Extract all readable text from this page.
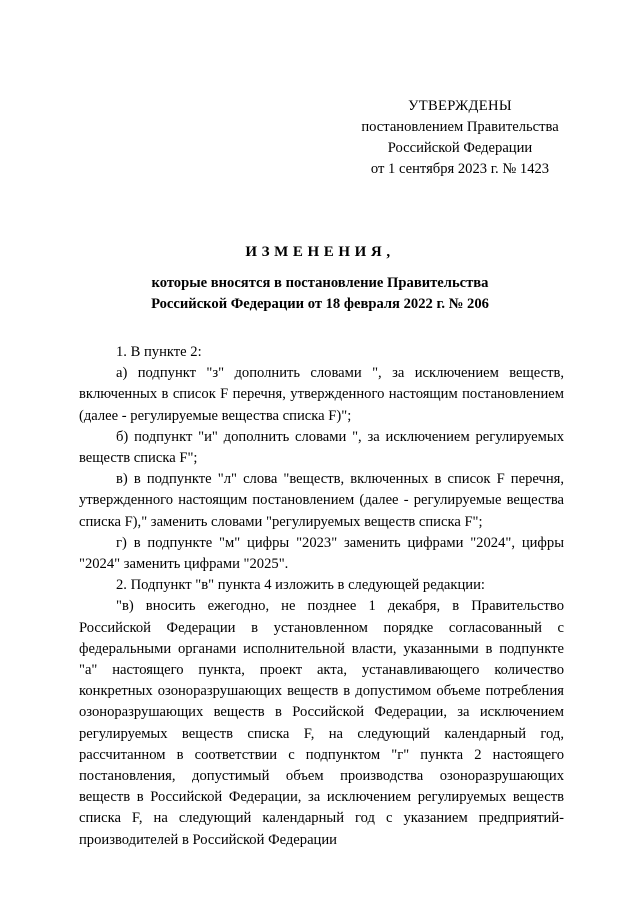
УТВЕРЖДЕНЫ
постановлением Правительства
Российской Федерации
от 1 сентября 2023 г. № 1423
ИЗМЕНЕНИЯ,
которые вносятся в постановление Правительства
Российской Федерации от 18 февраля 2022 г. № 206

1. В пункте 2:

а) подпункт "з" дополнить словами ", за исключением веществ, включенных в список F перечня, утвержденного настоящим постановлением (далее - регулируемые вещества списка F)";

б) подпункт "и" дополнить словами ", за исключением регулируемых веществ списка F";

в) в подпункте "л" слова "веществ, включенных в список F перечня, утвержденного настоящим постановлением (далее - регулируемые вещества списка F)," заменить словами "регулируемых веществ списка F";

г) в подпункте "м" цифры "2023" заменить цифрами "2024", цифры "2024" заменить цифрами "2025".

2. Подпункт "в" пункта 4 изложить в следующей редакции:

"в) вносить ежегодно, не позднее 1 декабря, в Правительство Российской Федерации в установленном порядке согласованный с федеральными органами исполнительной власти, указанными в подпункте "а" настоящего пункта, проект акта, устанавливающего количество конкретных озоноразрушающих веществ в допустимом объеме потребления озоноразрушающих веществ в Российской Федерации, за исключением регулируемых веществ списка F, на следующий календарный год, рассчитанном в соответствии с подпунктом "г" пункта 2 настоящего постановления, допустимый объем производства озоноразрушающих веществ в Российской Федерации, за исключением регулируемых веществ списка F, на следующий календарный год с указанием предприятий-производителей в Российской Федерации
